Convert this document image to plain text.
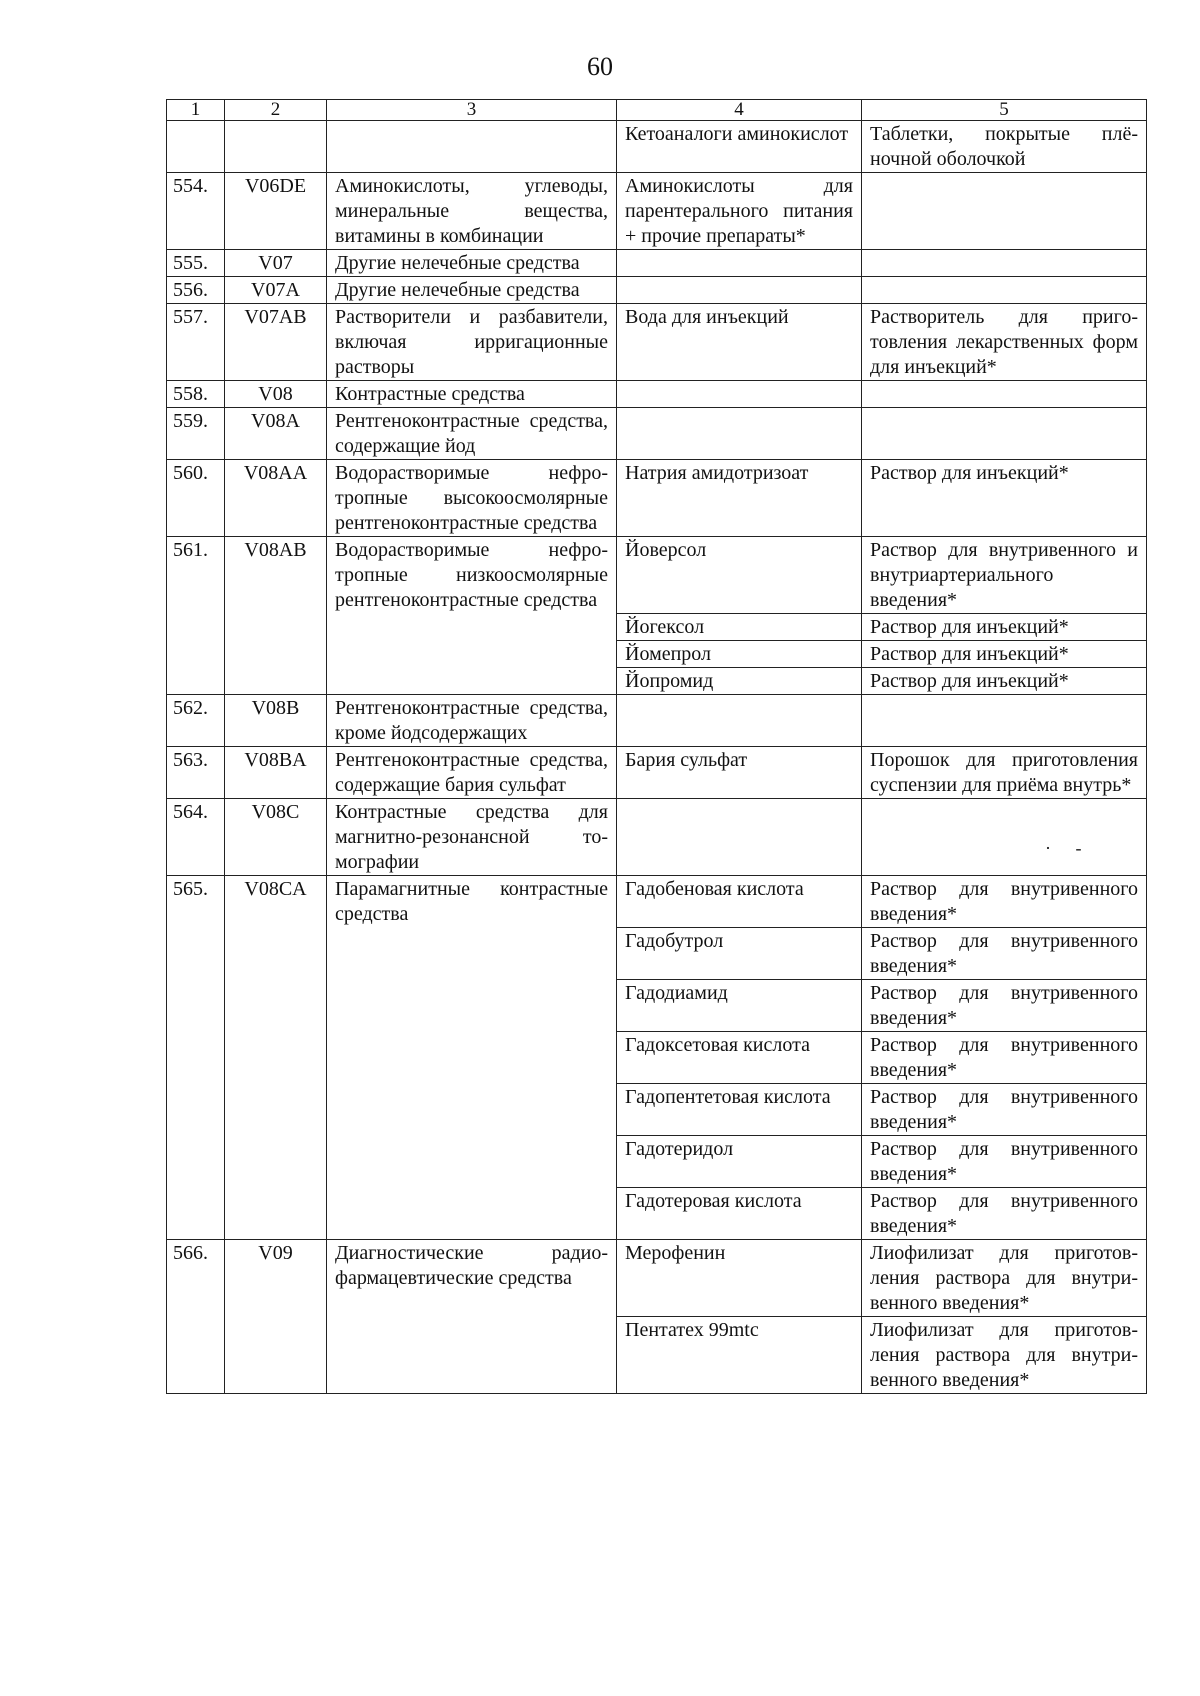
60
1	2	3	4	5
			Кетоаналоги аминокислот	Таблетки, покрытые плёночной оболочкой
554.	V06DE	Аминокислоты, углеводы, минеральные вещества, витамины в комбинации	Аминокислоты для парентерального питания + прочие препараты*	
555.	V07	Другие нелечебные средства		
556.	V07A	Другие нелечебные средства		
557.	V07AB	Растворители и разбавители, включая ирригационные растворы	Вода для инъекций	Растворитель для приготовления лекарственных форм для инъекций*
558.	V08	Контрастные средства		
559.	V08A	Рентгеноконтрастные средства, содержащие йод		
560.	V08AA	Водорастворимые нефротропные высокоосмолярные рентгеноконтрастные средства	Натрия амидотризоат	Раствор для инъекций*
561.	V08AB	Водорастворимые нефротропные низкоосмолярные рентгеноконтрастные средства	Йоверсол	Раствор для внутривенного и внутриартериального введения*
			Йогексол	Раствор для инъекций*
			Йомепрол	Раствор для инъекций*
			Йопромид	Раствор для инъекций*
562.	V08B	Рентгеноконтрастные средства, кроме йодсодержащих		
563.	V08BA	Рентгеноконтрастные средства, содержащие бария сульфат	Бария сульфат	Порошок для приготовления суспензии для приёма внутрь*
564.	V08C	Контрастные средства для магнитно-резонансной томографии		
565.	V08CA	Парамагнитные контрастные средства	Гадобеновая кислота	Раствор для внутривенного введения*
			Гадобутрол	Раствор для внутривенного введения*
			Гадодиамид	Раствор для внутривенного введения*
			Гадоксетовая кислота	Раствор для внутривенного введения*
			Гадопентетовая кислота	Раствор для внутривенного введения*
			Гадотеридол	Раствор для внутривенного введения*
			Гадотеровая кислота	Раствор для внутривенного введения*
566.	V09	Диагностические радиофармацевтические средства	Мерофенин	Лиофилизат для приготовления раствора для внутривенного введения*
			Пентатех 99mtc	Лиофилизат для приготовления раствора для внутривенного введения*
· -
